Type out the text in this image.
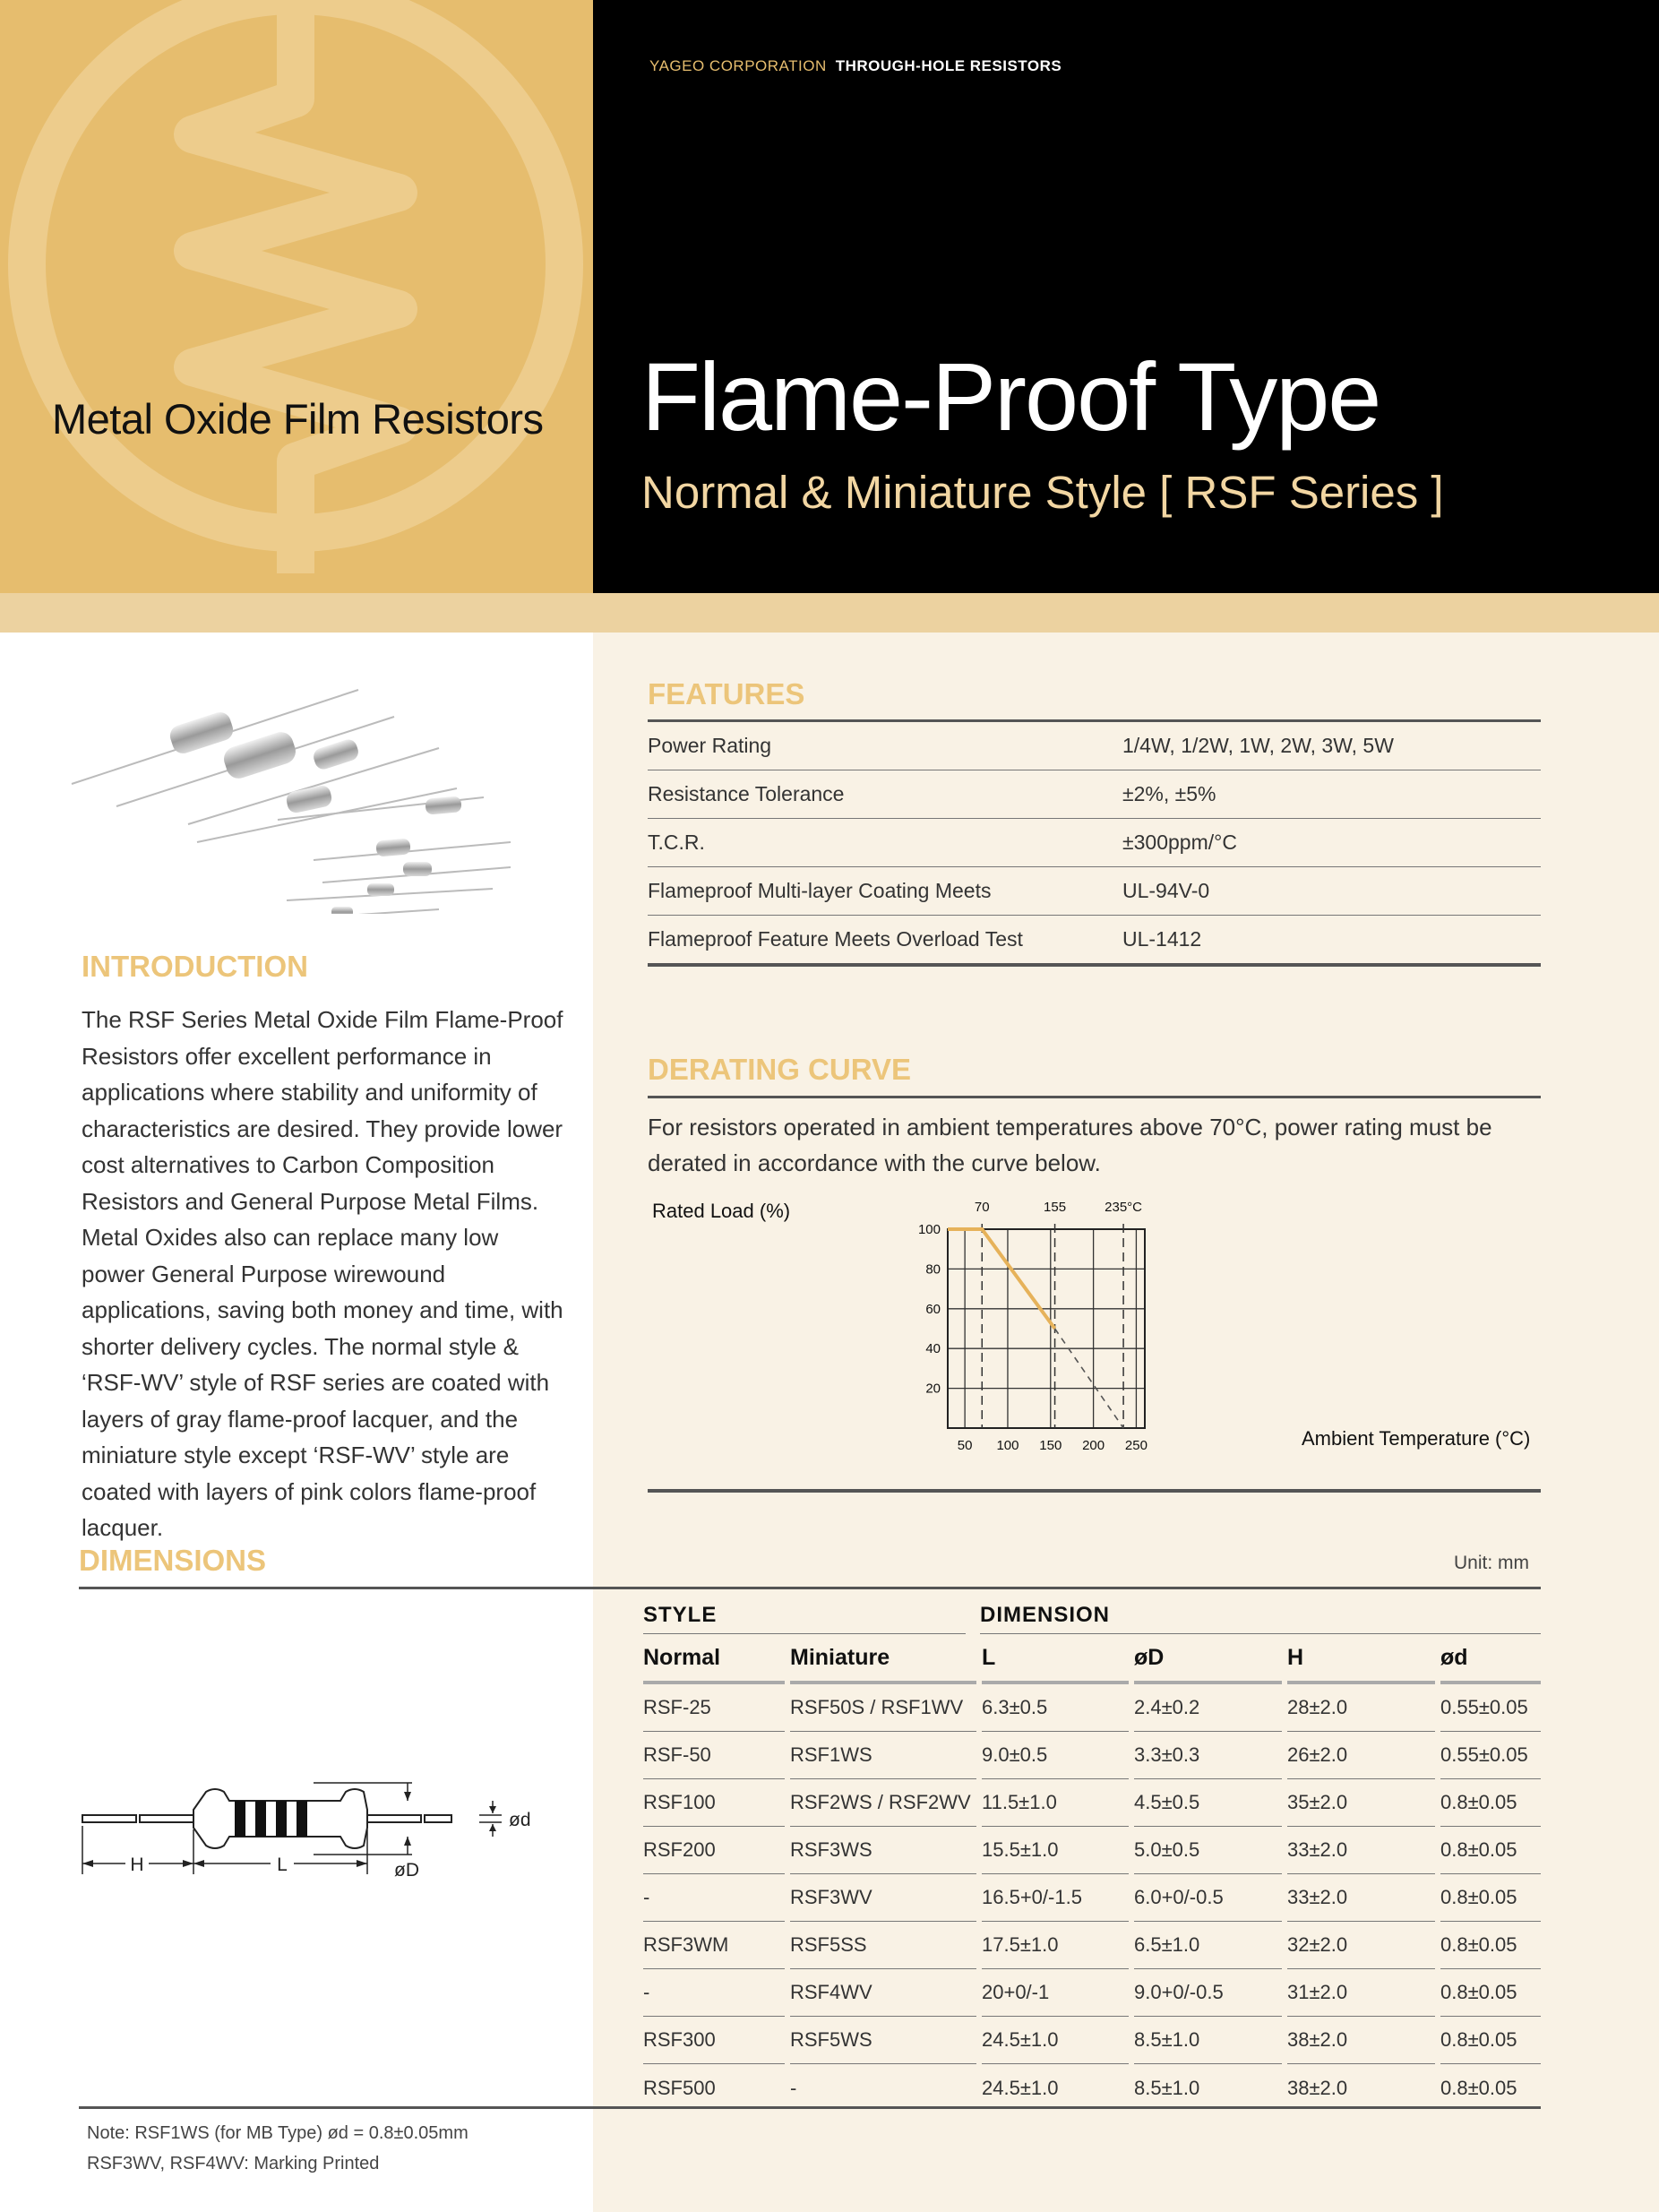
YAGEO CORPORATION THROUGH-HOLE RESISTORS
Metal Oxide Film Resistors Flame-Proof Type
Normal & Miniature Style [ RSF Series ]
FEATURES
Power Rating	1/4W, 1/2W, 1W, 2W, 3W, 5W
Resistance Tolerance	±2%, ±5%
T.C.R.	±300ppm/°C
Flameproof Multi-layer Coating Meets	UL-94V-0
Flameproof Feature Meets Overload Test	UL-1412
INTRODUCTION
The RSF Series Metal Oxide Film Flame-Proof Resistors offer excellent performance in applications where stability and uniformity of characteristics are desired. They provide lower cost alternatives to Carbon Composition Resistors and General Purpose Metal Films. Metal Oxides also can replace many low power General Purpose wirewound applications, saving both money and time, with shorter delivery cycles. The normal style & ‘RSF-WV’ style of RSF series are coated with layers of gray flame-proof lacquer, and the miniature style except ‘RSF-WV’ style are coated with layers of pink colors flame-proof lacquer.
DERATING CURVE
For resistors operated in ambient temperatures above 70°C, power rating must be derated in accordance with the curve below.
Rated Load (%)
Ambient Temperature (°C)
50 100 150 200 250
20
40
60
80
100
70	155	235°C
DIMENSIONS	Unit: mm
H	L	øD
ød
STYLE	DIMENSION
Normal	Miniature	L	øD	H	ød
RSF-25	RSF50S / RSF1WV 6.3±0.5	2.4±0.2	28±2.0	0.55±0.05
RSF-50	RSF1WS	9.0±0.5	3.3±0.3	26±2.0	0.55±0.05
RSF100	RSF2WS / RSF2WV 11.5±1.0	4.5±0.5	35±2.0	0.8±0.05
RSF200	RSF3WS	15.5±1.0	5.0±0.5	33±2.0	0.8±0.05
-	RSF3WV	16.5+0/-1.5	6.0+0/-0.5	33±2.0	0.8±0.05
RSF3WM	RSF5SS	17.5±1.0	6.5±1.0	32±2.0	0.8±0.05
-	RSF4WV	20+0/-1	9.0+0/-0.5	31±2.0	0.8±0.05
RSF300	RSF5WS	24.5±1.0	8.5±1.0	38±2.0	0.8±0.05
RSF500	-	24.5±1.0	8.5±1.0	38±2.0	0.8±0.05
Note: RSF1WS (for MB Type) ød = 0.8±0.05mm
RSF3WV, RSF4WV: Marking Printed
